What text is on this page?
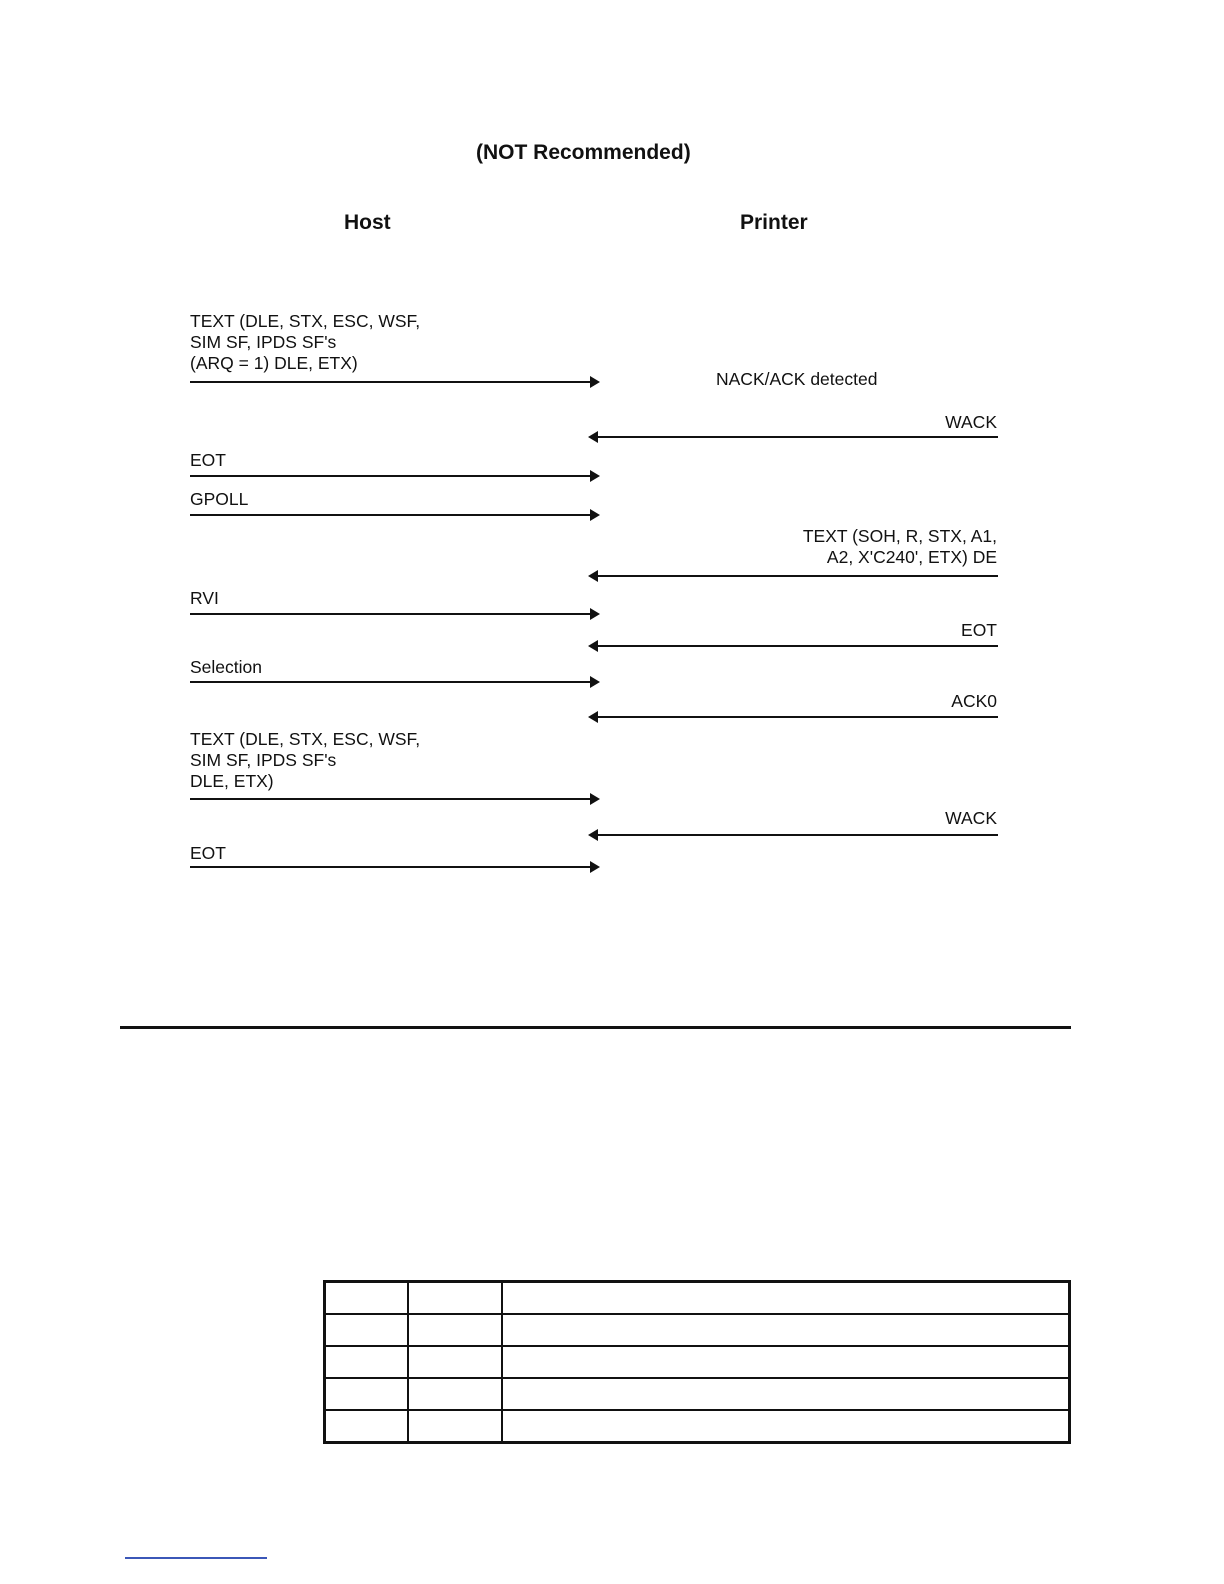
(NOT Recommended)
Host	Printer
TEXT (DLE, STX, ESC, WSF,
SIM SF, IPDS SF's
(ARQ = 1) DLE, ETX)
NACK/ACK detected
WACK
EOT
GPOLL
TEXT (SOH, R, STX, A1,
A2, X'C240', ETX) DE
RVI
EOT
Selection
ACK0
TEXT (DLE, STX, ESC, WSF,
SIM SF, IPDS SF's
DLE, ETX)
WACK
EOT
